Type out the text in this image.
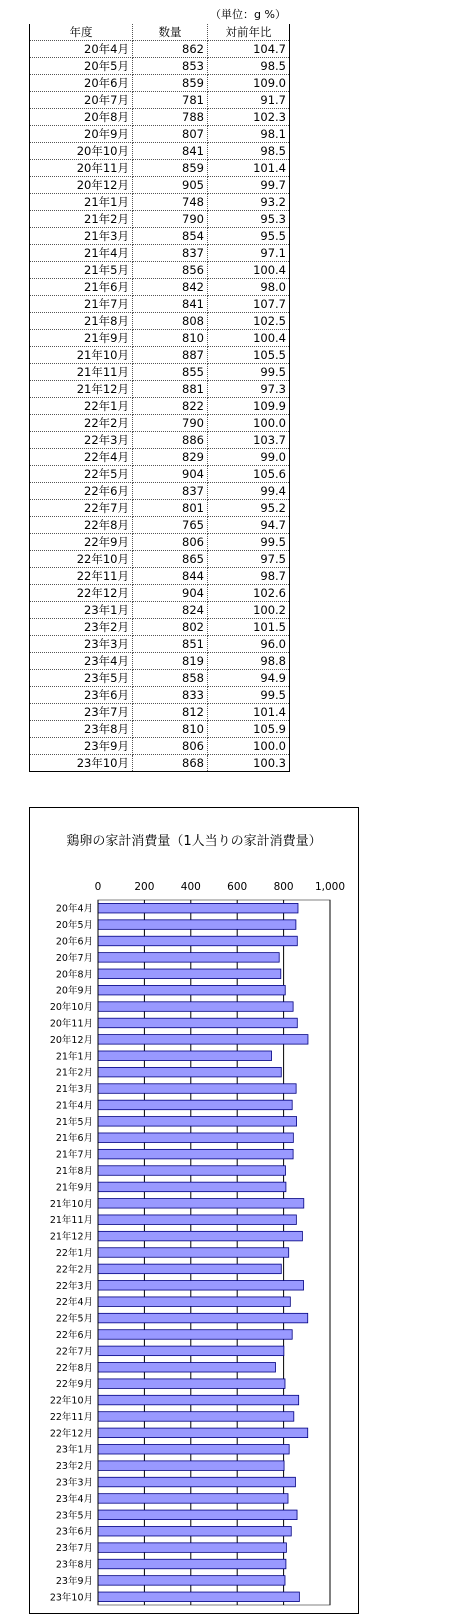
（単位：g %）
年度	数量	対前年比
20年4月	862	104.7
20年5月	853	98.5
20年6月	859	109.0
20年7月	781	91.7
20年8月	788	102.3
20年9月	807	98.1
20年10月	841	98.5
20年11月	859	101.4
20年12月	905	99.7
21年1月	748	93.2
21年2月	790	95.3
21年3月	854	95.5
21年4月	837	97.1
21年5月	856	100.4
21年6月	842	98.0
21年7月	841	107.7
21年8月	808	102.5
21年9月	810	100.4
21年10月	887	105.5
21年11月	855	99.5
21年12月	881	97.3
22年1月	822	109.9
22年2月	790	100.0
22年3月	886	103.7
22年4月	829	99.0
22年5月	904	105.6
22年6月	837	99.4
22年7月	801	95.2
22年8月	765	94.7
22年9月	806	99.5
22年10月	865	97.5
22年11月	844	98.7
22年12月	904	102.6
23年1月	824	100.2
23年2月	802	101.5
23年3月	851	96.0
23年4月	819	98.8
23年5月	858	94.9
23年6月	833	99.5
23年7月	812	101.4
23年8月	810	105.9
23年9月	806	100.0
23年10月	868	100.3
鶏卵の家計消費量（1人当りの家計消費量）
0	200	400	600	800 1,000
20年4月
20年5月
20年6月
20年7月
20年8月
20年9月
20年10月
20年11月
20年12月
21年1月
21年2月
21年3月
21年4月
21年5月
21年6月
21年7月
21年8月
21年9月
21年10月
21年11月
21年12月
22年1月
22年2月
22年3月
22年4月
22年5月
22年6月
22年7月
22年8月
22年9月
22年10月
22年11月
22年12月
23年1月
23年2月
23年3月
23年4月
23年5月
23年6月
23年7月
23年8月
23年9月
23年10月
